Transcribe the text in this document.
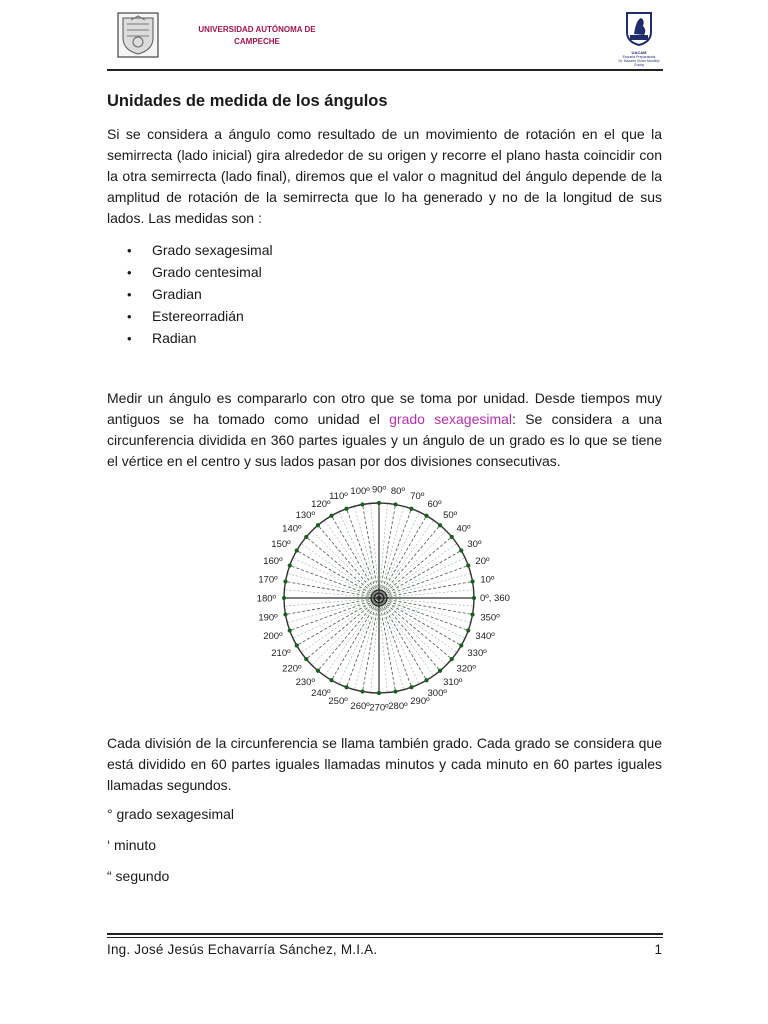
UNIVERSIDAD AUTÓNOMA DE
CAMPECHE
UACAM
Escuela Preparatoria
Dr. Nazario Víctor Montejo Godoy
Unidades de medida de los ángulos

Si se considera a ángulo como resultado de un movimiento de rotación en el que la semirrecta (lado inicial) gira alrededor de su origen y recorre el plano hasta coincidir con la otra semirrecta (lado final), diremos que el valor o magnitud del ángulo depende de la amplitud de rotación de la semirrecta que lo ha generado y no de la longitud de sus lados. Las medidas son :

• Grado sexagesimal
• Grado centesimal
• Gradian
• Estereorradián
• Radian

Medir un ángulo es compararlo con otro que se toma por unidad. Desde tiempos muy antiguos se ha tomado como unidad el grado sexagesimal: Se considera a una circunferencia dividida en 360 partes iguales y un ángulo de un grado es lo que se tiene el vértice en el centro y sus lados pasan por dos divisiones consecutivas.

0º, 360
10º
20º
30º
40º
50º
60º
70º
80º
90º
100º
110º
120º
130º
140º
150º
160º
170º
180º
190º
200º
210º
220º
230º
240º
250º 260º 270º 280º 290º
300º
310º
320º
330º
340º
350º

Cada división de la circunferencia se llama también grado. Cada grado se considera que está dividido en 60 partes iguales llamadas minutos y cada minuto en 60 partes iguales llamadas segundos.

° grado sexagesimal

‘ minuto

“ segundo

Ing. José Jesús Echavarría Sánchez, M.I.A.	1
